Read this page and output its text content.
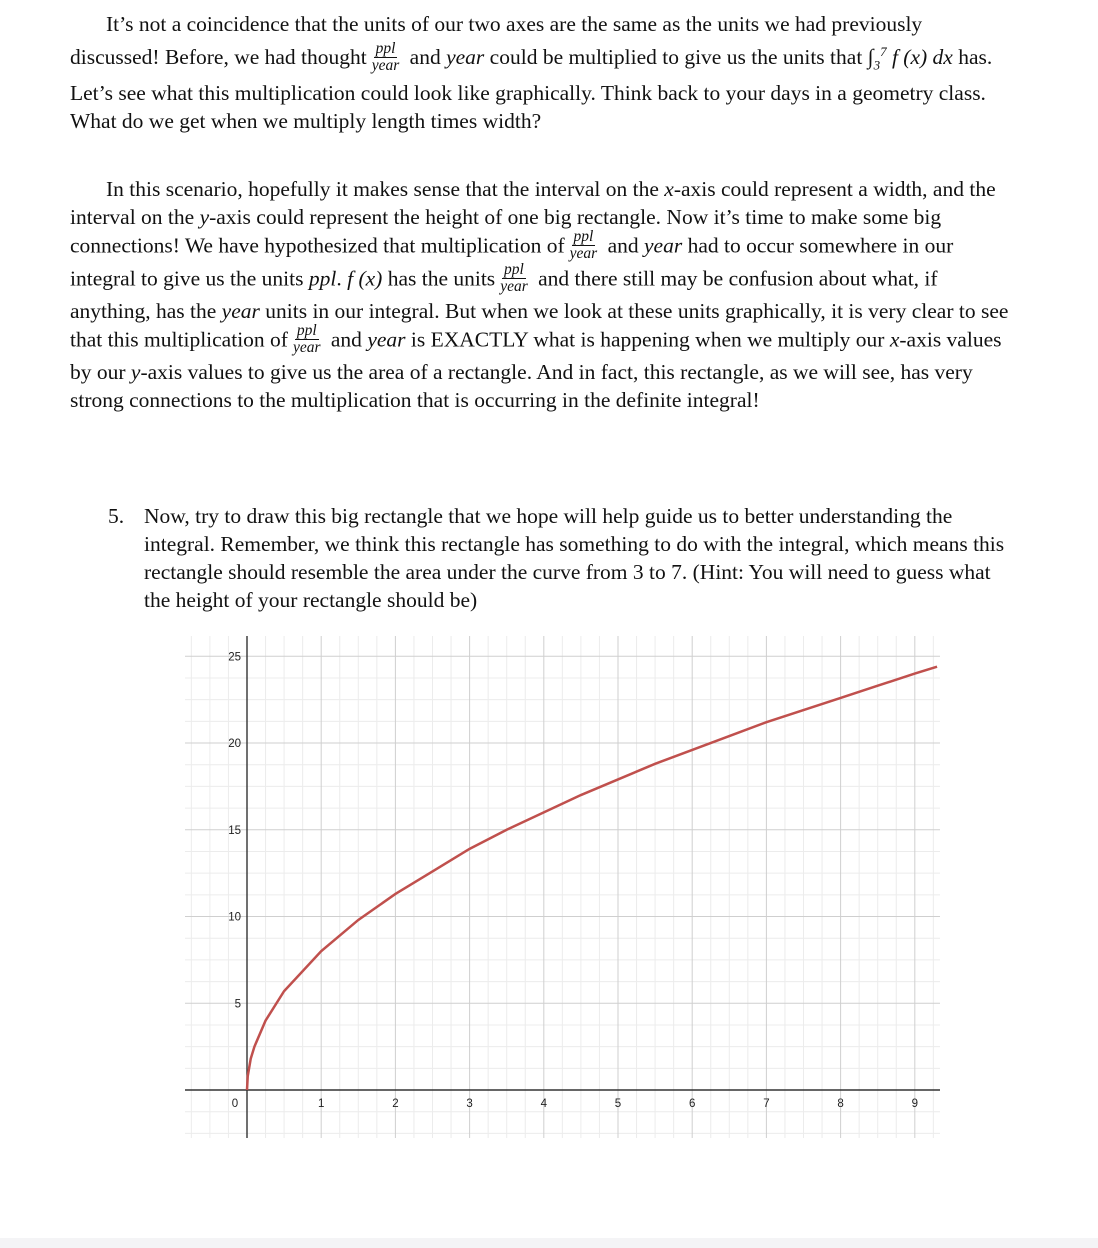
It’s not a coincidence that the units of our two axes are the same as the units we had previously discussed! Before, we had thought $\frac{\text{ppl}}{\text{year}}$ and year could be multiplied to give us the units that $\int_3^7$ f (x) dx has. Let’s see what this multiplication could look like graphically. Think back to your days in a geometry class. What do we get when we multiply length times width?

In this scenario, hopefully it makes sense that the interval on the x-axis could represent a width, and the interval on the y-axis could represent the height of one big rectangle. Now it’s time to make some big connections! We have hypothesized that multiplication of $\frac{\text{ppl}}{\text{year}}$ and year had to occur somewhere in our integral to give us the units ppl. f (x) has the units $\frac{\text{ppl}}{\text{year}}$ and there still may be confusion about what, if anything, has the year units in our integral. But when we look at these units graphically, it is very clear to see that this multiplication of $\frac{\text{ppl}}{\text{year}}$ and year is EXACTLY what is happening when we multiply our x-axis values by our y-axis values to give us the area of a rectangle. And in fact, this rectangle, as we will see, has very strong connections to the multiplication that is occurring in the definite integral!

5. Now, try to draw this big rectangle that we hope will help guide us to better understanding the integral. Remember, we think this rectangle has something to do with the integral, which means this rectangle should resemble the area under the curve from 3 to 7. (Hint: You will need to guess what the height of your rectangle should be)
0	1	2	3	4	5	6	7	8	9
5
10
15
20
25
